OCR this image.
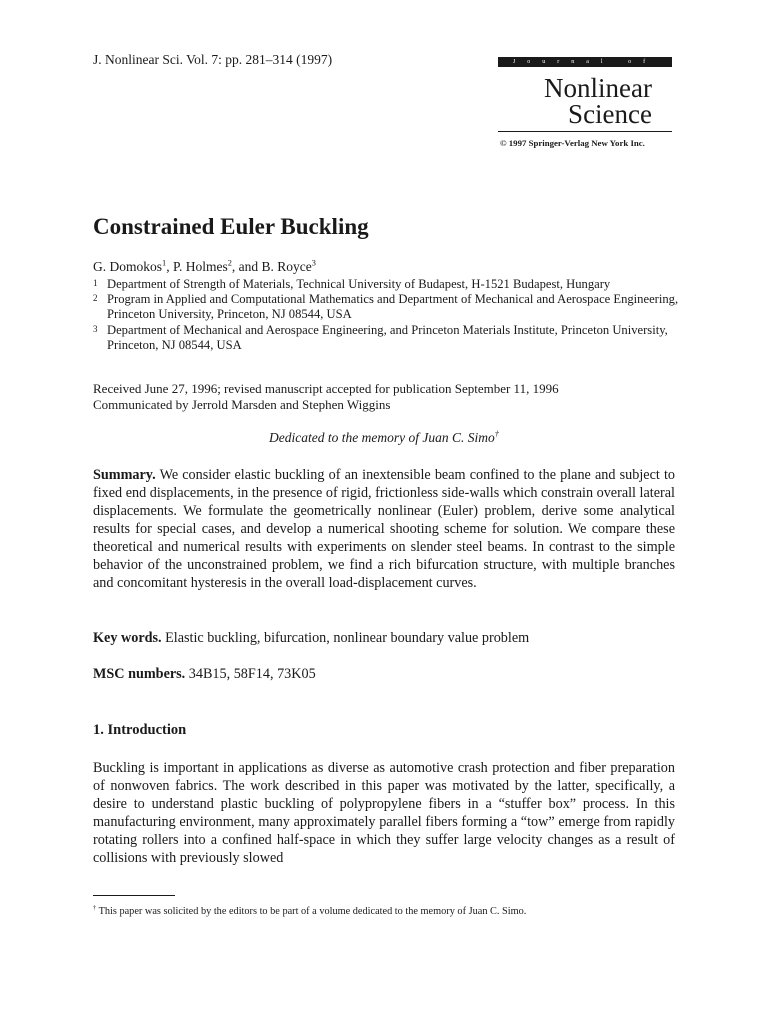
J. Nonlinear Sci. Vol. 7: pp. 281–314 (1997)	Journal of
Nonlinear
Science
© 1997 Springer-Verlag New York Inc.
Constrained Euler Buckling
G. Domokos$^1$, P. Holmes$^2$, and B. Royce$^3$
1 Department of Strength of Materials, Technical University of Budapest, H-1521 Budapest, Hungary
2 Program in Applied and Computational Mathematics and Department of Mechanical and Aerospace Engineering, Princeton University, Princeton, NJ 08544, USA
3 Department of Mechanical and Aerospace Engineering, and Princeton Materials Institute, Princeton University, Princeton, NJ 08544, USA
Received June 27, 1996; revised manuscript accepted for publication September 11, 1996
Communicated by Jerrold Marsden and Stephen Wiggins
Dedicated to the memory of Juan C. Simo†
Summary. We consider elastic buckling of an inextensible beam confined to the plane and subject to fixed end displacements, in the presence of rigid, frictionless side-walls which constrain overall lateral displacements. We formulate the geometrically nonlinear (Euler) problem, derive some analytical results for special cases, and develop a numerical shooting scheme for solution. We compare these theoretical and numerical results with experiments on slender steel beams. In contrast to the simple behavior of the unconstrained problem, we find a rich bifurcation structure, with multiple branches and concomitant hysteresis in the overall load-displacement curves.
Key words. Elastic buckling, bifurcation, nonlinear boundary value problem
MSC numbers. 34B15, 58F14, 73K05
1. Introduction
Buckling is important in applications as diverse as automotive crash protection and fiber preparation of nonwoven fabrics. The work described in this paper was motivated by the latter, specifically, a desire to understand plastic buckling of polypropylene fibers in a “stuffer box” process. In this manufacturing environment, many approximately parallel fibers forming a “tow” emerge from rapidly rotating rollers into a confined half-space in which they suffer large velocity changes as a result of collisions with previously slowed
† This paper was solicited by the editors to be part of a volume dedicated to the memory of Juan C. Simo.
